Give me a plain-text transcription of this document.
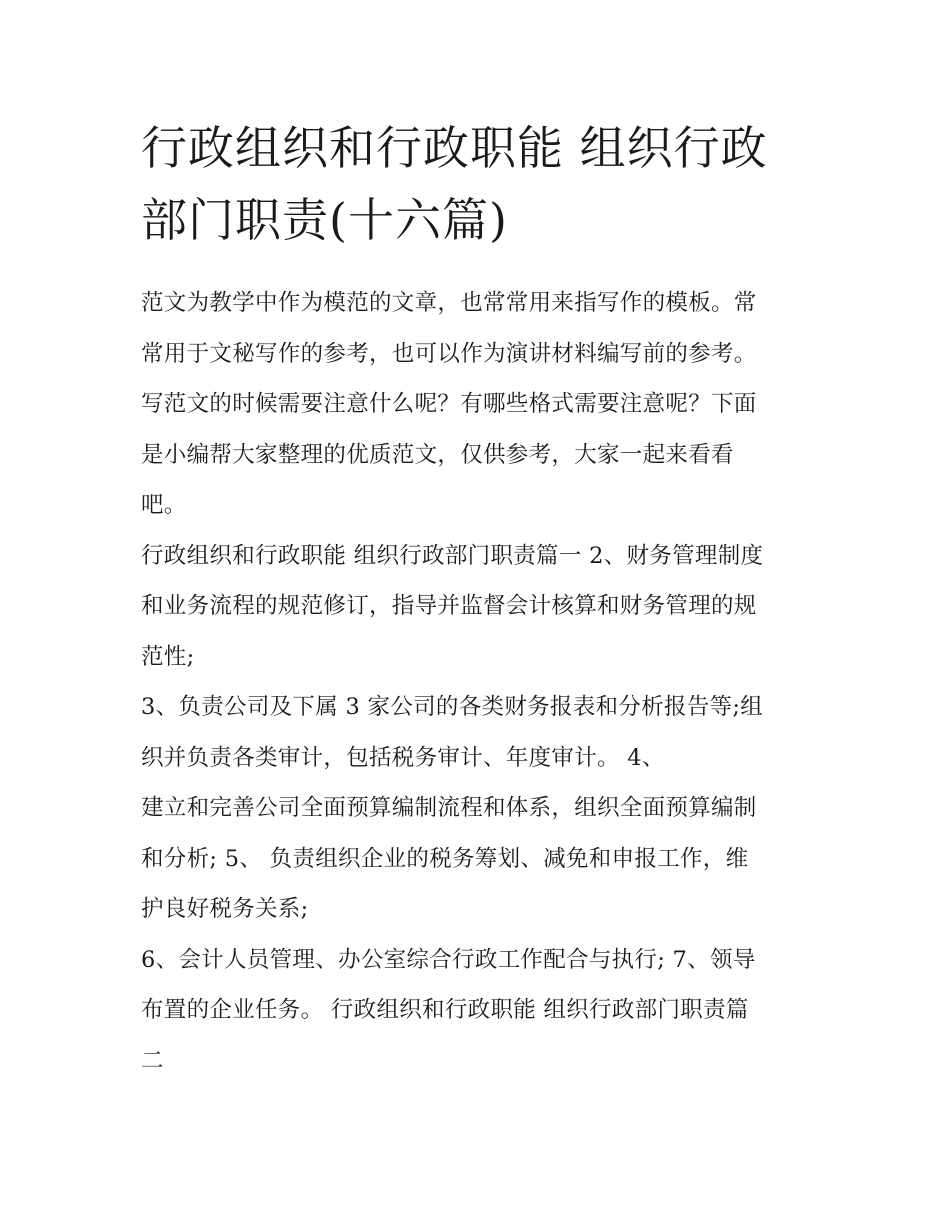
行政组织和行政职能 组织行政
部门职责(十六篇)
范文为教学中作为模范的文章，也常常用来指写作的模板。常
常用于文秘写作的参考，也可以作为演讲材料编写前的参考。
写范文的时候需要注意什么呢？有哪些格式需要注意呢？下面
是小编帮大家整理的优质范文，仅供参考，大家一起来看看
吧。
行政组织和行政职能 组织行政部门职责篇一 2、财务管理制度
和业务流程的规范修订，指导并监督会计核算和财务管理的规
范性;
3、负责公司及下属 3 家公司的各类财务报表和分析报告等;组
织并负责各类审计，包括税务审计、年度审计。 4、
建立和完善公司全面预算编制流程和体系，组织全面预算编制
和分析; 5、 负责组织企业的税务筹划、减免和申报工作，维
护良好税务关系;
6、会计人员管理、办公室综合行政工作配合与执行; 7、领导
布置的企业任务。 行政组织和行政职能 组织行政部门职责篇
二
